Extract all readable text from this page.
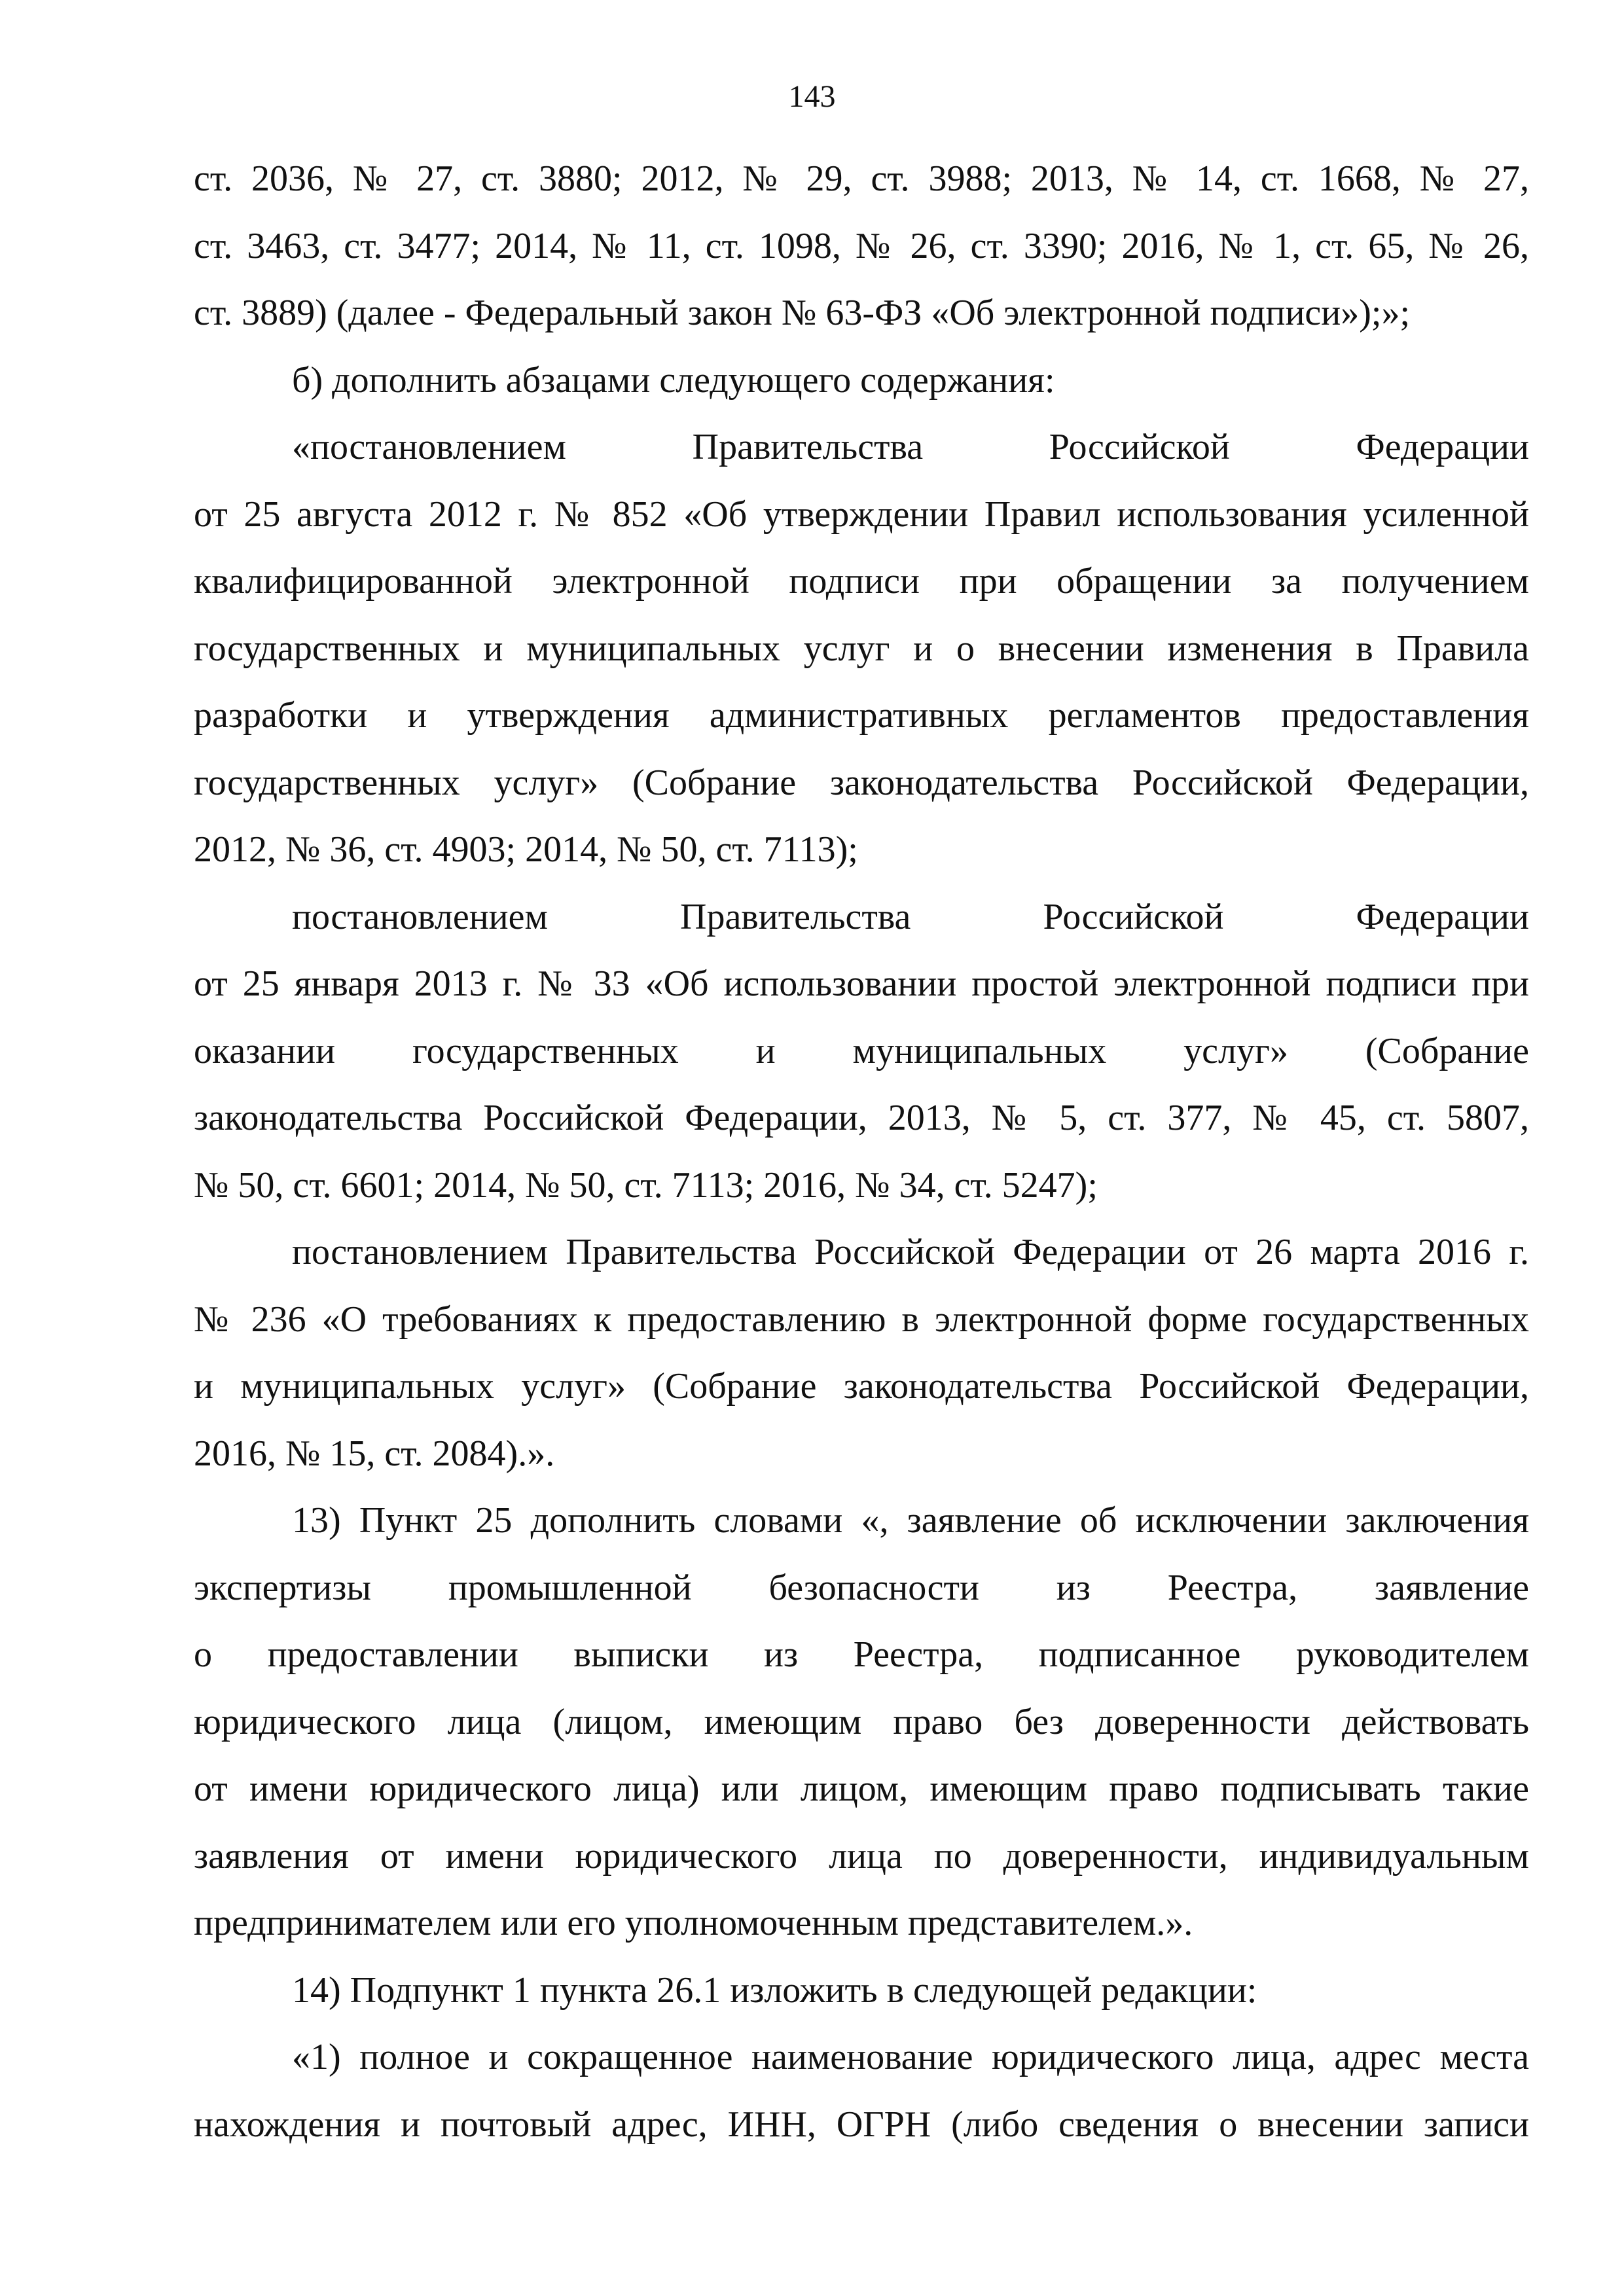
143
ст. 2036, № 27, ст. 3880; 2012, № 29, ст. 3988; 2013, № 14, ст. 1668, № 27,
ст. 3463, ст. 3477; 2014, № 11, ст. 1098, № 26, ст. 3390; 2016, № 1, ст. 65, № 26,
ст. 3889) (далее - Федеральный закон № 63-ФЗ «Об электронной подписи»);»;
б) дополнить абзацами следующего содержания:
«постановлением Правительства Российской Федерации
от 25 августа 2012 г. № 852 «Об утверждении Правил использования усиленной
квалифицированной электронной подписи при обращении за получением
государственных и муниципальных услуг и о внесении изменения в Правила
разработки и утверждения административных регламентов предоставления
государственных услуг» (Собрание законодательства Российской Федерации,
2012, № 36, ст. 4903; 2014, № 50, ст. 7113);
постановлением Правительства Российской Федерации
от 25 января 2013 г. № 33 «Об использовании простой электронной подписи при
оказании государственных и муниципальных услуг» (Собрание
законодательства Российской Федерации, 2013, № 5, ст. 377, № 45, ст. 5807,
№ 50, ст. 6601; 2014, № 50, ст. 7113; 2016, № 34, ст. 5247);
постановлением Правительства Российской Федерации от 26 марта 2016 г.
№ 236 «О требованиях к предоставлению в электронной форме государственных
и муниципальных услуг» (Собрание законодательства Российской Федерации,
2016, № 15, ст. 2084).».
13) Пункт 25 дополнить словами «, заявление об исключении заключения
экспертизы промышленной безопасности из Реестра, заявление
о предоставлении выписки из Реестра, подписанное руководителем
юридического лица (лицом, имеющим право без доверенности действовать
от имени юридического лица) или лицом, имеющим право подписывать такие
заявления от имени юридического лица по доверенности, индивидуальным
предпринимателем или его уполномоченным представителем.».
14) Подпункт 1 пункта 26.1 изложить в следующей редакции:
«1) полное и сокращенное наименование юридического лица, адрес места
нахождения и почтовый адрес, ИНН, ОГРН (либо сведения о внесении записи
